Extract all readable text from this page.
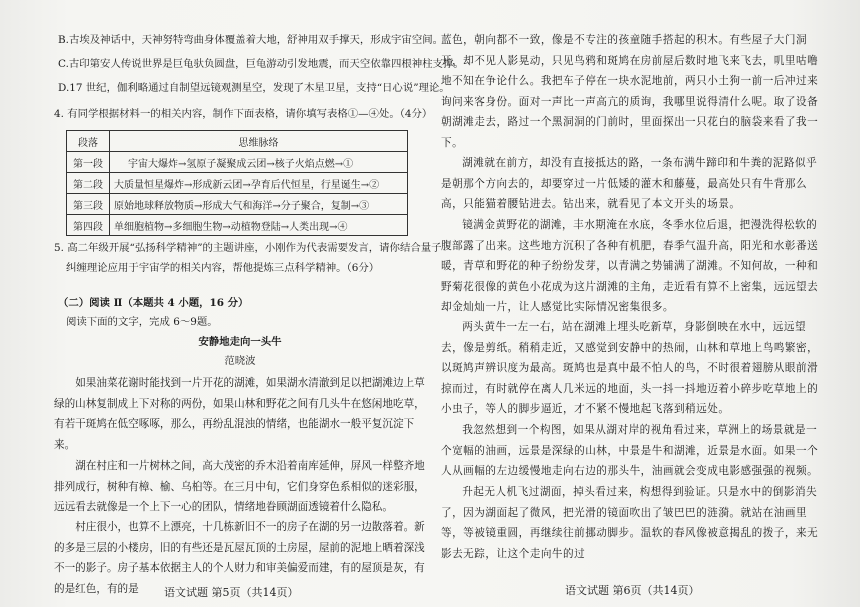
B.古埃及神话中，天神努特弯曲身体覆盖着大地，舒神用双手撑天，形成宇宙空间。

C.古印第安人传说世界是巨龟驮负圆盘，巨龟游动引发地震，而天空依靠四根神柱支撑。

D.17 世纪，伽利略通过自制望远镜观测星空，发现了木星卫星，支持“日心说”理论。

4. 有同学根据材料一的相关内容，制作下面表格，请你填写表格①—④处。（4分）

段落	思维脉络
第一段	宇宙大爆炸→氢原子凝聚成云团→核子火焰点燃→①
第二段	大质量恒星爆炸→形成新云团→孕育后代恒星，行星诞生→②
第三段	原始地球释放物质→形成大气和海洋→分子聚合，复制→③
第四段	单细胞植物→多细胞生物→动植物登陆→人类出现→④

5. 高二年级开展“弘扬科学精神”的主题讲座，小刚作为代表需要发言，请你结合量子

纠缠理论应用于宇宙学的相关内容，帮他提炼三点科学精神。（6分）

（二）阅读 Ⅱ（本题共 4 小题，16 分）

阅读下面的文字，完成 6～9题。

安静地走向一头牛

范晓波

如果油菜花谢时能找到一片开花的湖滩，如果湖水清澈到足以把湖滩边上草绿的山林复制成上下对称的两份，如果山林和野花之间有几头牛在悠闲地吃草，有若干斑鸠在低空啄啄，那么，再纷乱混浊的情绪，也能湖水一般平复沉淀下来。

湖在村庄和一片树林之间，高大茂密的乔木沿着南库延伸，屏风一样整齐地排列成行，树种有樟、榆、乌桕等。在三月中旬，它们身穿色系相似的迷彩服，远远看去就像是一个上下一心的团队，情绪地眷顾湖面透镜着什么隐私。

村庄很小，也算不上漂亮，十几栋新旧不一的房子在湖的另一边散落着。新的多是三层的小楼房，旧的有些还是瓦屋瓦顶的土房屋，屋前的泥地上晒着深浅不一的影子。房子基本依据主人的个人财力和审美偏爱而建，有的屋顶是灰，有的是红色，有的是	语文试题 第5页（共14页）

蓝色，朝向都不一致，像是不专注的孩童随手搭起的积木。有些屋子大门洞开，却不见人影晃动，只见鸟鸦和斑鸠在房前屋后数时地飞来飞去，叽里咕噜地不知在争论什么。我把车子停在一块水泥地前，两只小土狗一前一后冲过来询问来客身份。面对一声比一声高亢的质询，我哪里说得清什么呢。取了设备朝湖滩走去，路过一个黑洞洞的门前时，里面探出一只花白的脑袋来看了我一下。

湖滩就在前方，却没有直接抵达的路，一条布满牛蹄印和牛粪的泥路似乎是朝那个方向去的，却要穿过一片低矮的灌木和藤蔓，最高处只有牛背那么高，只能猫着腰钻进去。钻出来，就看见了本文开头的场景。

镜满金黄野花的湖滩，丰水期淹在水底，冬季水位后退，把漫洗得松软的腹部露了出来。这些地方沉积了各种有机肥，春季气温升高，阳光和水彰番送暖，青草和野花的种子纷纷发芽，以青满之势铺满了湖滩。不知何故，一种和野菊花很像的黄色小花成为这片湖滩的主角，走近看有算不上密集，远远望去却金灿灿一片，让人感觉比实际情况密集很多。

两头黄牛一左一右，站在湖滩上埋头吃新草，身影倒映在水中，远远望去，像是剪纸。稍稍走近，又感觉到安静中的热闹，山林和草地上鸟鸣繁密，以斑鸠声辨识度为最高。斑鸠也是真中最不怕人的鸟，不时很着翅膀从眼前滑掠而过，有时就停在离人几米远的地面，头一抖一抖地迈着小碎步吃草地上的小虫子，等人的脚步逼近，才不紧不慢地起飞落到稍远处。

我忽然想到一个构图，如果从湖对岸的视角看过来，草洲上的场景就是一个宽幅的油画，远景是深绿的山林，中景是牛和湖滩，近景是水面。如果一个人从画幅的左边缓慢地走向右边的那头牛，油画就会变成电影感强强的视频。

升起无人机飞过湖面，掉头看过来，构想得到验证。只是水中的倒影消失了，因为湖面起了微风，把光滑的镜面吹出了皱巴巴的涟漪。就站在油画里等，等被镜重圆，再继续往前挪动脚步。温软的春风像被意揭乱的拨子，来无影去无踪，让这个走向牛的过

语文试题 第6页（共14页）
